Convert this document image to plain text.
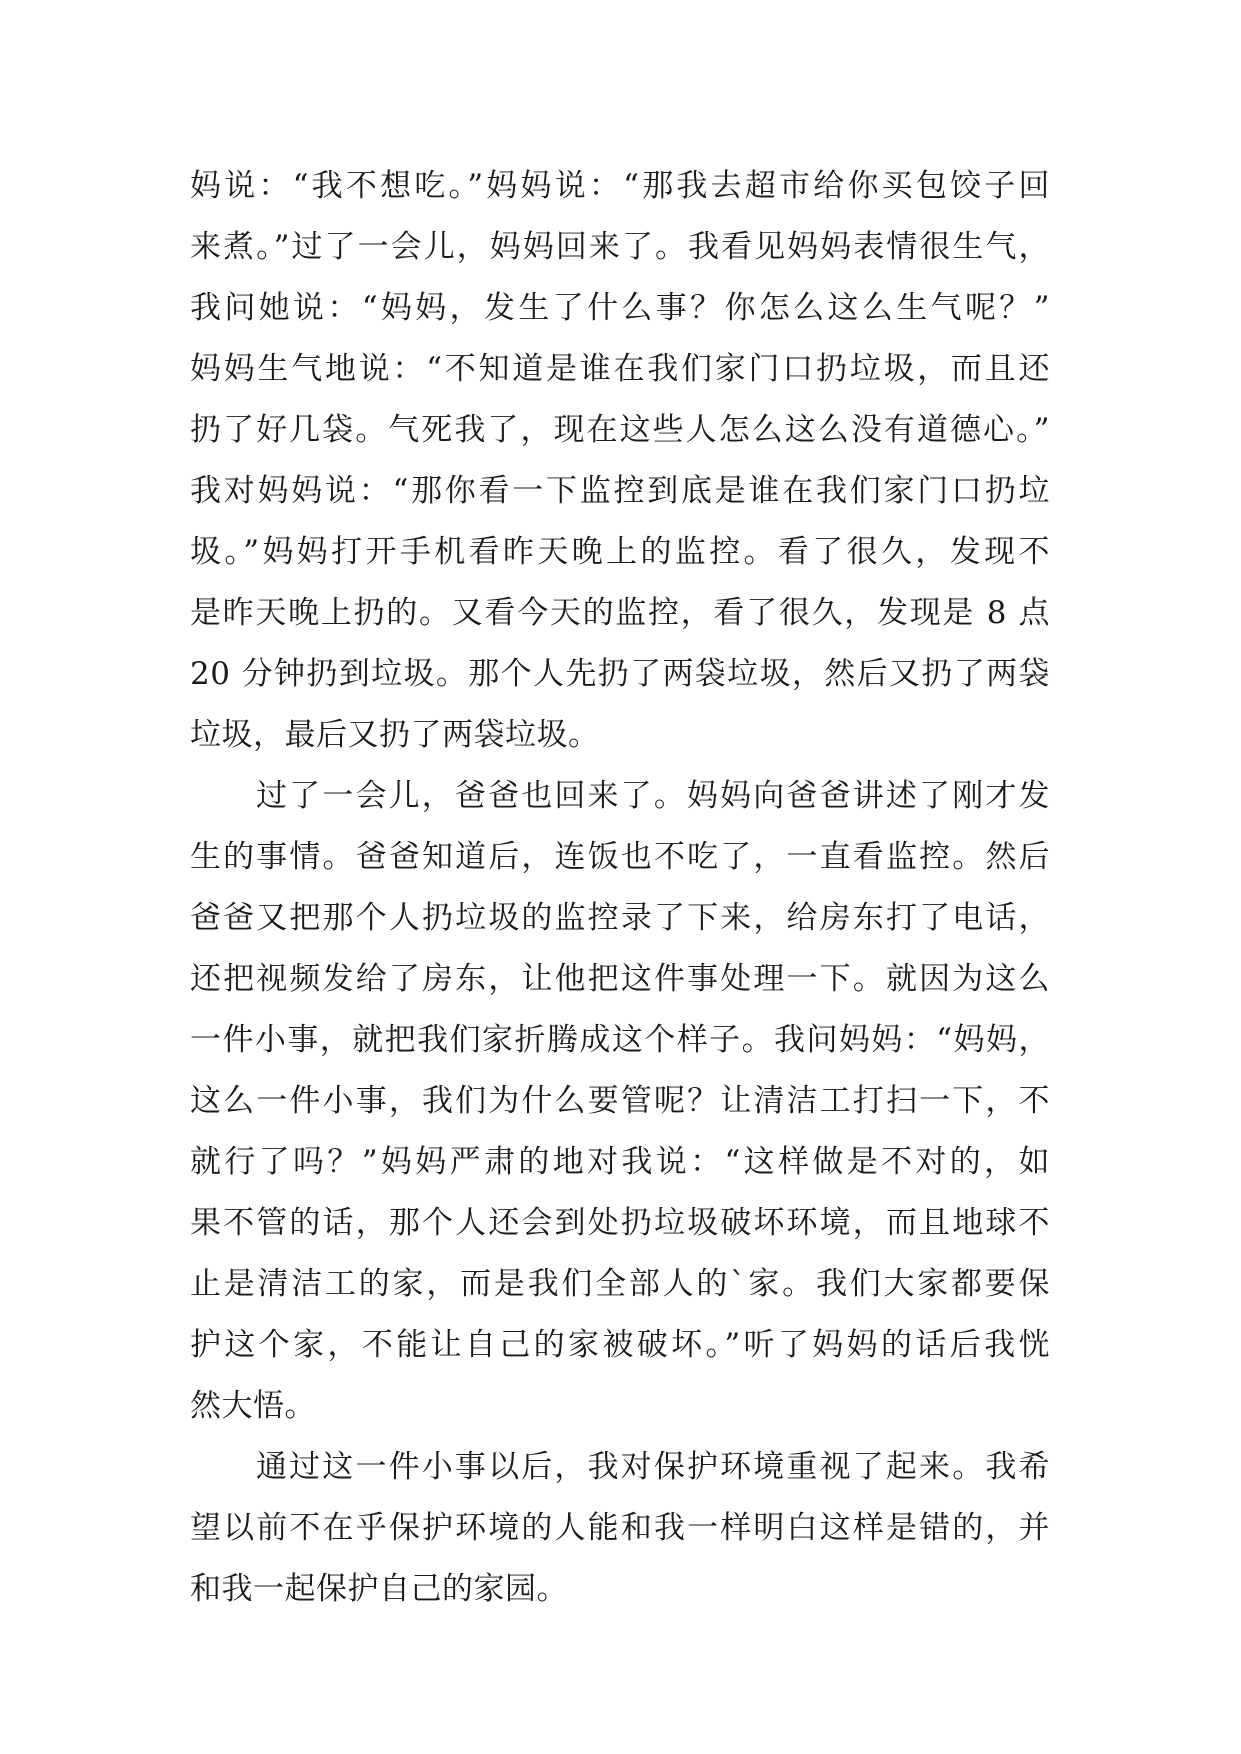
妈说：“我不想吃。”妈妈说：“那我去超市给你买包饺子回
来煮。”过了一会儿，妈妈回来了。我看见妈妈表情很生气，
我问她说：“妈妈，发生了什么事？你怎么这么生气呢？”
妈妈生气地说：“不知道是谁在我们家门口扔垃圾，而且还
扔了好几袋。气死我了，现在这些人怎么这么没有道德心。”
我对妈妈说：“那你看一下监控到底是谁在我们家门口扔垃
圾。”妈妈打开手机看昨天晚上的监控。看了很久，发现不
是昨天晚上扔的。又看今天的监控，看了很久，发现是 8 点
20 分钟扔到垃圾。那个人先扔了两袋垃圾，然后又扔了两袋
垃圾，最后又扔了两袋垃圾。
过了一会儿，爸爸也回来了。妈妈向爸爸讲述了刚才发
生的事情。爸爸知道后，连饭也不吃了，一直看监控。然后
爸爸又把那个人扔垃圾的监控录了下来，给房东打了电话，
还把视频发给了房东，让他把这件事处理一下。就因为这么
一件小事，就把我们家折腾成这个样子。我问妈妈：“妈妈，
这么一件小事，我们为什么要管呢？让清洁工打扫一下，不
就行了吗？”妈妈严肃的地对我说：“这样做是不对的，如
果不管的话，那个人还会到处扔垃圾破坏环境，而且地球不
止是清洁工的家，而是我们全部人的`家。我们大家都要保
护这个家，不能让自己的家被破坏。”听了妈妈的话后我恍
然大悟。
通过这一件小事以后，我对保护环境重视了起来。我希
望以前不在乎保护环境的人能和我一样明白这样是错的，并
和我一起保护自己的家园。
